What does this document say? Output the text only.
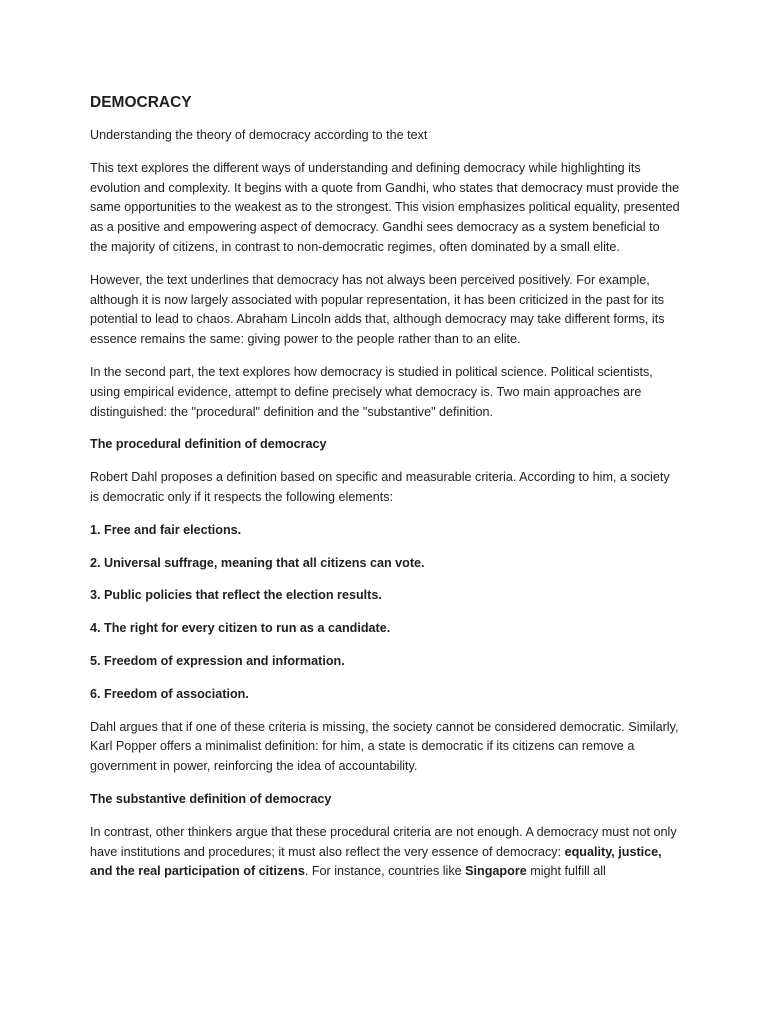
DEMOCRACY

Understanding the theory of democracy according to the text

This text explores the different ways of understanding and defining democracy while highlighting its evolution and complexity. It begins with a quote from Gandhi, who states that democracy must provide the same opportunities to the weakest as to the strongest. This vision emphasizes political equality, presented as a positive and empowering aspect of democracy. Gandhi sees democracy as a system beneficial to the majority of citizens, in contrast to non-democratic regimes, often dominated by a small elite.

However, the text underlines that democracy has not always been perceived positively. For example, although it is now largely associated with popular representation, it has been criticized in the past for its potential to lead to chaos. Abraham Lincoln adds that, although democracy may take different forms, its essence remains the same: giving power to the people rather than to an elite.

In the second part, the text explores how democracy is studied in political science. Political scientists, using empirical evidence, attempt to define precisely what democracy is. Two main approaches are distinguished: the "procedural" definition and the "substantive" definition.

The procedural definition of democracy

Robert Dahl proposes a definition based on specific and measurable criteria. According to him, a society is democratic only if it respects the following elements:

1. Free and fair elections.

2. Universal suffrage, meaning that all citizens can vote.

3. Public policies that reflect the election results.

4. The right for every citizen to run as a candidate.

5. Freedom of expression and information.

6. Freedom of association.

Dahl argues that if one of these criteria is missing, the society cannot be considered democratic. Similarly, Karl Popper offers a minimalist definition: for him, a state is democratic if its citizens can remove a government in power, reinforcing the idea of accountability.

The substantive definition of democracy

In contrast, other thinkers argue that these procedural criteria are not enough. A democracy must not only have institutions and procedures; it must also reflect the very essence of democracy: equality, justice, and the real participation of citizens. For instance, countries like Singapore might fulfill all
